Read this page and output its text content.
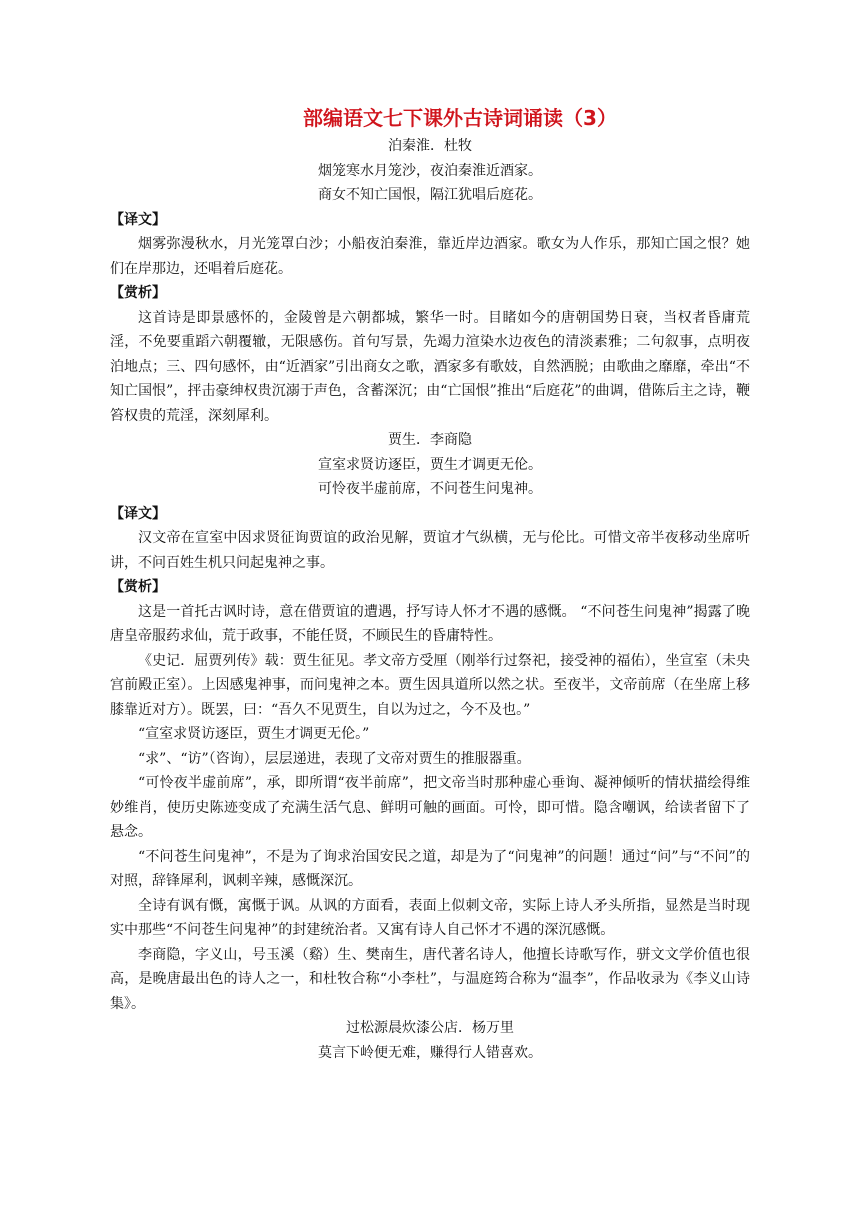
部编语文七下课外古诗词诵读（3）

泊秦淮．杜牧

烟笼寒水月笼沙，夜泊秦淮近酒家。

商女不知亡国恨，隔江犹唱后庭花。

【译文】

烟雾弥漫秋水，月光笼罩白沙；小船夜泊秦淮，靠近岸边酒家。歌女为人作乐，那知亡国之恨？她们在岸那边，还唱着后庭花。

【赏析】

这首诗是即景感怀的，金陵曾是六朝都城，繁华一时。目睹如今的唐朝国势日衰，当权者昏庸荒淫，不免要重蹈六朝覆辙，无限感伤。首句写景，先竭力渲染水边夜色的清淡素雅；二句叙事，点明夜泊地点；三、四句感怀，由“近酒家”引出商女之歌，酒家多有歌妓，自然洒脱；由歌曲之靡靡，牵出“不知亡国恨”，抨击豪绅权贵沉溺于声色，含蓄深沉；由“亡国恨”推出“后庭花”的曲调，借陈后主之诗，鞭笞权贵的荒淫，深刻犀利。

贾生．李商隐

宣室求贤访逐臣，贾生才调更无伦。

可怜夜半虚前席，不问苍生问鬼神。

【译文】

汉文帝在宣室中因求贤征询贾谊的政治见解，贾谊才气纵横，无与伦比。可惜文帝半夜移动坐席听讲，不问百姓生机只问起鬼神之事。

【赏析】

这是一首托古讽时诗，意在借贾谊的遭遇，抒写诗人怀才不遇的感慨。 “不问苍生问鬼神”揭露了晚唐皇帝服药求仙，荒于政事，不能任贤，不顾民生的昏庸特性。

《史记．屈贾列传》载：贾生征见。孝文帝方受厘（刚举行过祭祀，接受神的福佑），坐宣室（未央宫前殿正室）。上因感鬼神事，而问鬼神之本。贾生因具道所以然之状。至夜半，文帝前席（在坐席上移膝靠近对方）。既罢，曰：“吾久不见贾生，自以为过之，今不及也。”

“宣室求贤访逐臣，贾生才调更无伦。”

“求”、“访”（咨询），层层递进，表现了文帝对贾生的推服器重。

“可怜夜半虚前席”，承，即所谓“夜半前席”，把文帝当时那种虚心垂询、凝神倾听的情状描绘得维妙维肖，使历史陈迹变成了充满生活气息、鲜明可触的画面。可怜，即可惜。隐含嘲讽，给读者留下了悬念。

“不问苍生问鬼神”，不是为了询求治国安民之道，却是为了“问鬼神”的问题！通过“问”与“不问”的对照，辞锋犀利，讽刺辛辣，感慨深沉。

全诗有讽有慨，寓慨于讽。从讽的方面看，表面上似刺文帝，实际上诗人矛头所指，显然是当时现实中那些“不问苍生问鬼神”的封建统治者。又寓有诗人自己怀才不遇的深沉感慨。

李商隐，字义山，号玉溪（谿）生、樊南生，唐代著名诗人，他擅长诗歌写作，骈文文学价值也很高，是晚唐最出色的诗人之一，和杜牧合称“小李杜”，与温庭筠合称为“温李”，作品收录为《李义山诗集》。

过松源晨炊漆公店．杨万里

莫言下岭便无难，赚得行人错喜欢。
